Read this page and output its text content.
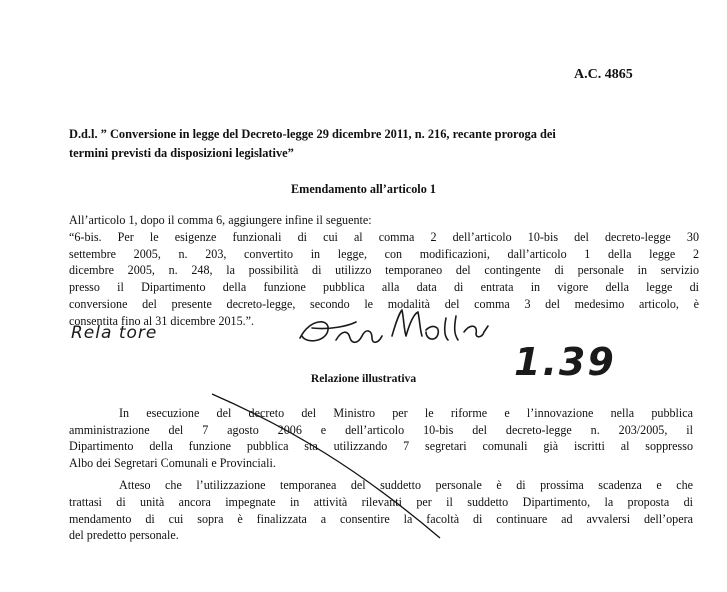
A.C. 4865
D.d.l. ” Conversione in legge del Decreto-legge 29 dicembre 2011, n. 216, recante proroga dei
termini previsti da disposizioni legislative”
Emendamento all’articolo 1

All’articolo 1, dopo il comma 6, aggiungere infine il seguente:

“6-bis. Per le esigenze funzionali di cui al comma 2 dell’articolo 10-bis del decreto-legge 30

settembre 2005, n. 203, convertito in legge, con modificazioni, dall’articolo 1 della legge 2

dicembre 2005, n. 248, la possibilità di utilizzo temporaneo del contingente di personale in servizio

presso il Dipartimento della funzione pubblica alla data di entrata in vigore della legge di

conversione del presente decreto-legge, secondo le modalità del comma 3 del medesimo articolo, è

consentita fino al 31 dicembre 2015.”.

Rela tore
1.39
Relazione illustrativa

In esecuzione del decreto del Ministro per le riforme e l’innovazione nella pubblica

amministrazione del 7 agosto 2006 e dell’articolo 10-bis del decreto-legge n. 203/2005, il

Dipartimento della funzione pubblica sta utilizzando 7 segretari comunali già iscritti al soppresso

Albo dei Segretari Comunali e Provinciali.

Atteso che l’utilizzazione temporanea del suddetto personale è di prossima scadenza e che

trattasi di unità ancora impegnate in attività rilevanti per il suddetto Dipartimento, la proposta di

mendamento di cui sopra è finalizzata a consentire la facoltà di continuare ad avvalersi dell’opera

del predetto personale.
